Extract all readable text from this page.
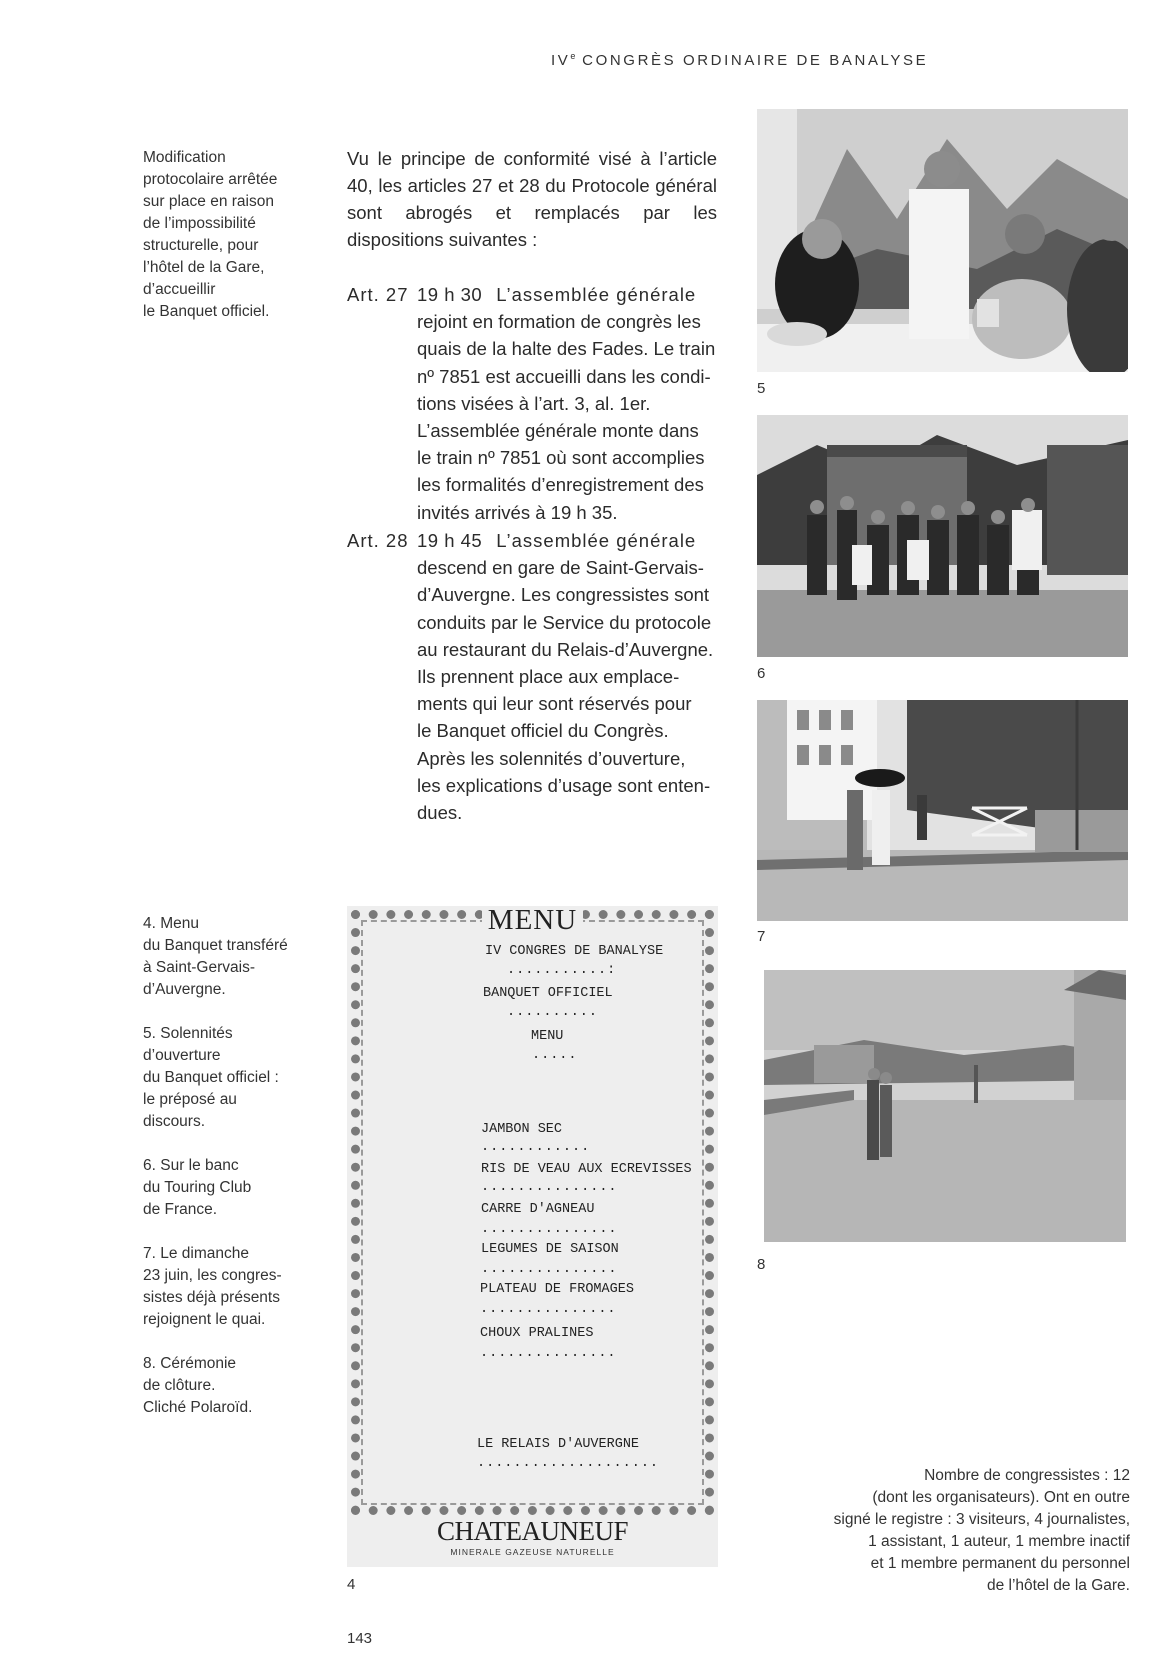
IVe CONGRÈS ORDINAIRE DE BANALYSE
Modification
protocolaire arrêtée
sur place en raison
de l’impossibilité
structurelle, pour
l’hôtel de la Gare,
d’accueillir
le Banquet officiel.
Vu le principe de conformité visé à l’article 40, les articles 27 et 28 du Protocole général sont abrogés et remplacés par les dispositions suivantes :
Art. 27 19 h 30 L’assemblée générale
rejoint en formation de congrès les
quais de la halte des Fades. Le train
nº 7851 est accueilli dans les condi-
tions visées à l’art. 3, al. 1er.
L’assemblée générale monte dans
le train nº 7851 où sont accomplies
les formalités d’enregistrement des
invités arrivés à 19 h 35.
Art. 28 19 h 45 L’assemblée générale
descend en gare de Saint-Gervais-
d’Auvergne. Les congressistes sont
conduits par le Service du protocole
au restaurant du Relais-d’Auvergne.
Ils prennent place aux emplace-
ments qui leur sont réservés pour
le Banquet officiel du Congrès.
Après les solennités d’ouverture,
les explications d’usage sont enten-
dues.
4. Menu
du Banquet transféré
à Saint-Gervais-
d’Auvergne.
5. Solennités
d’ouverture
du Banquet officiel :
le préposé au
discours.
6. Sur le banc
du Touring Club
de France.
7. Le dimanche
23 juin, les congres-
sistes déjà présents
rejoignent le quai.
8. Cérémonie
de clôture.
Cliché Polaroïd.
5
6
7
8
MENU
IV CONGRES DE BANALYSE
...........:
BANQUET OFFICIEL
..........
MENU
.....
JAMBON SEC
............
RIS DE VEAU AUX ECREVISSES
...............
CARRE D'AGNEAU
...............
LEGUMES DE SAISON
...............
PLATEAU DE FROMAGES
...............
CHOUX PRALINES
...............
LE RELAIS D'AUVERGNE
....................
CHATEAUNEUF
MINERALE GAZEUSE NATURELLE
4
Nombre de congressistes : 12
(dont les organisateurs). Ont en outre
signé le registre : 3 visiteurs, 4 journalistes,
1 assistant, 1 auteur, 1 membre inactif
et 1 membre permanent du personnel
de l’hôtel de la Gare.
143
